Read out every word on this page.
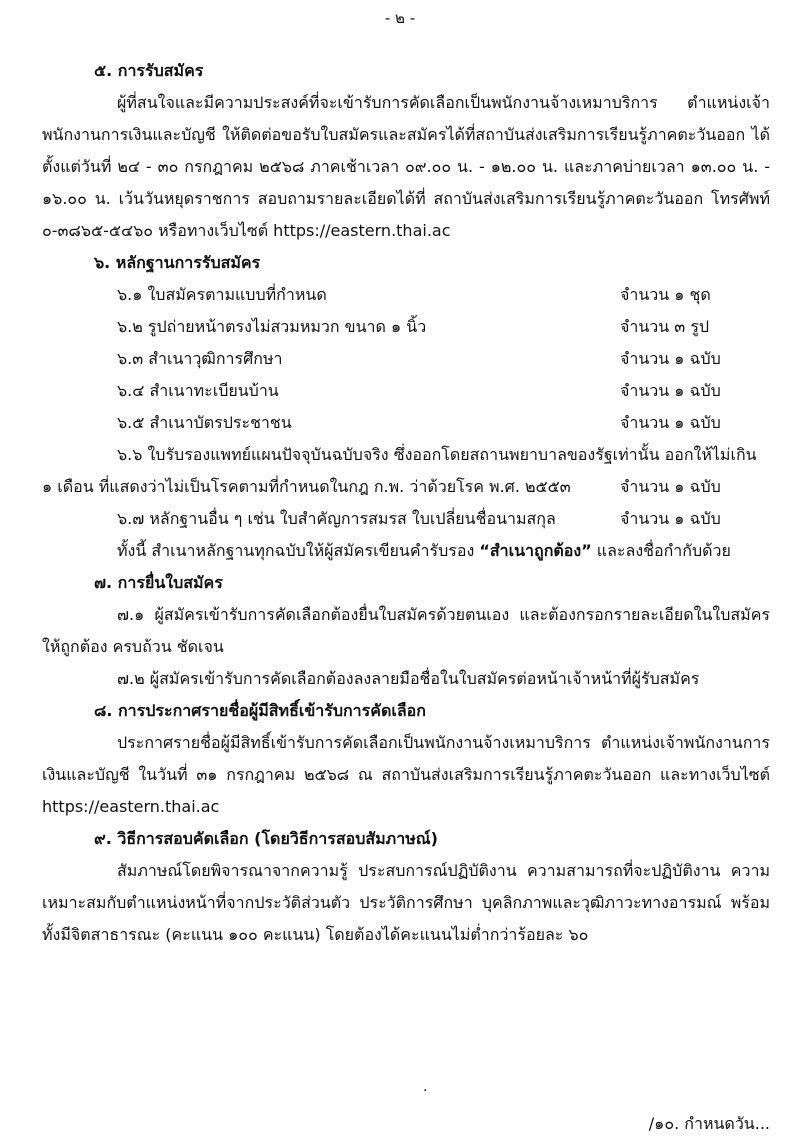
- ๒ -

๕. การรับสมัคร

ผู้ที่สนใจและมีความประสงค์ที่จะเข้ารับการคัดเลือกเป็นพนักงานจ้างเหมาบริการ ตำแหน่งเจ้าพนักงานการเงินและบัญชี ให้ติดต่อขอรับใบสมัครและสมัครได้ที่สถาบันส่งเสริมการเรียนรู้ภาคตะวันออก ได้ตั้งแต่วันที่ ๒๔ - ๓๐ กรกฎาคม ๒๕๖๘ ภาคเช้าเวลา ๐๙.๐๐ น. - ๑๒.๐๐ น. และภาคบ่ายเวลา ๑๓.๐๐ น. - ๑๖.๐๐ น. เว้นวันหยุดราชการ สอบถามรายละเอียดได้ที่ สถาบันส่งเสริมการเรียนรู้ภาคตะวันออก โทรศัพท์ ๐-๓๘๖๕-๕๔๖๐ หรือทางเว็บไซต์ https://eastern.thai.ac

๖. หลักฐานการรับสมัคร

๖.๑ ใบสมัครตามแบบที่กำหนด	จำนวน ๑ ชุด
๖.๒ รูปถ่ายหน้าตรงไม่สวมหมวก ขนาด ๑ นิ้ว	จำนวน ๓ รูป
๖.๓ สำเนาวุฒิการศึกษา	จำนวน ๑ ฉบับ
๖.๔ สำเนาทะเบียนบ้าน	จำนวน ๑ ฉบับ
๖.๕ สำเนาบัตรประชาชน	จำนวน ๑ ฉบับ
๖.๖ ใบรับรองแพทย์แผนปัจจุบันฉบับจริง ซึ่งออกโดยสถานพยาบาลของรัฐเท่านั้น ออกให้ไม่เกิน
๑ เดือน ที่แสดงว่าไม่เป็นโรคตามที่กำหนดในกฎ ก.พ. ว่าด้วยโรค พ.ศ. ๒๕๕๓	จำนวน ๑ ฉบับ
๖.๗ หลักฐานอื่น ๆ เช่น ใบสำคัญการสมรส ใบเปลี่ยนชื่อนามสกุล	จำนวน ๑ ฉบับ

ทั้งนี้ สำเนาหลักฐานทุกฉบับให้ผู้สมัครเขียนคำรับรอง “สำเนาถูกต้อง” และลงชื่อกำกับด้วย

๗. การยื่นใบสมัคร

๗.๑ ผู้สมัครเข้ารับการคัดเลือกต้องยื่นใบสมัครด้วยตนเอง และต้องกรอกรายละเอียดในใบสมัครให้ถูกต้อง ครบถ้วน ชัดเจน

๗.๒ ผู้สมัครเข้ารับการคัดเลือกต้องลงลายมือชื่อในใบสมัครต่อหน้าเจ้าหน้าที่ผู้รับสมัคร

๘. การประกาศรายชื่อผู้มีสิทธิ์เข้ารับการคัดเลือก

ประกาศรายชื่อผู้มีสิทธิ์เข้ารับการคัดเลือกเป็นพนักงานจ้างเหมาบริการ ตำแหน่งเจ้าพนักงานการเงินและบัญชี ในวันที่ ๓๑ กรกฎาคม ๒๕๖๘ ณ สถาบันส่งเสริมการเรียนรู้ภาคตะวันออก และทางเว็บไซต์ https://eastern.thai.ac

๙. วิธีการสอบคัดเลือก (โดยวิธีการสอบสัมภาษณ์)

สัมภาษณ์โดยพิจารณาจากความรู้ ประสบการณ์ปฏิบัติงาน ความสามารถที่จะปฏิบัติงาน ความเหมาะสมกับตำแหน่งหน้าที่จากประวัติส่วนตัว ประวัติการศึกษา บุคลิกภาพและวุฒิภาวะทางอารมณ์ พร้อมทั้งมีจิตสาธารณะ (คะแนน ๑๐๐ คะแนน) โดยต้องได้คะแนนไม่ต่ำกว่าร้อยละ ๖๐

·
/๑๐. กำหนดวัน...
